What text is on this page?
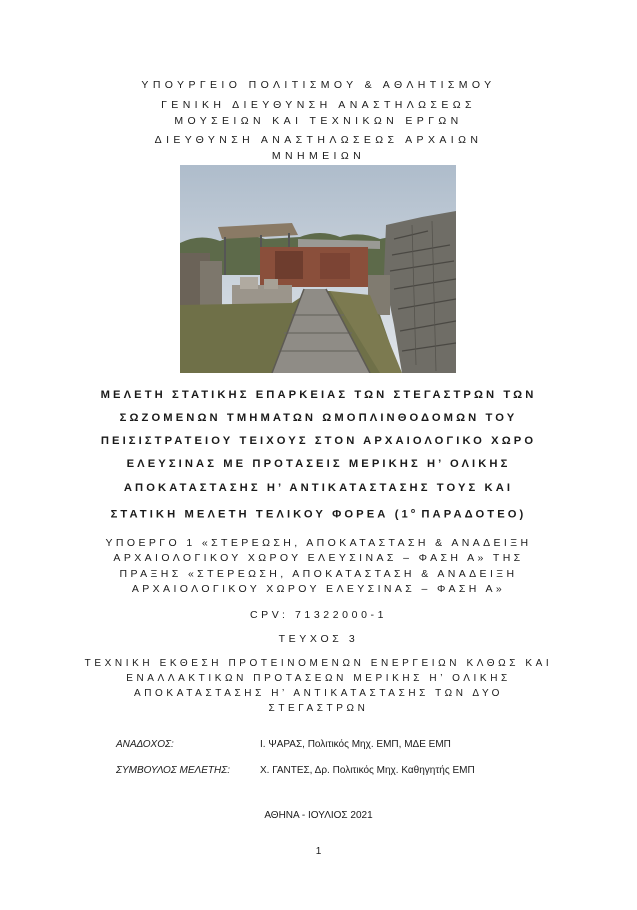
ΥΠΟΥΡΓΕΙΟ ΠΟΛΙΤΙΣΜΟΥ & ΑΘΛΗΤΙΣΜΟΥ
ΓΕΝΙΚΗ ΔΙΕΥΘΥΝΣΗ ΑΝΑΣΤΗΛΩΣΕΩΣ
ΜΟΥΣΕΙΩΝ ΚΑΙ ΤΕΧΝΙΚΩΝ ΕΡΓΩΝ
ΔΙΕΥΘΥΝΣΗ ΑΝΑΣΤΗΛΩΣΕΩΣ ΑΡΧΑΙΩΝ
ΜΝΗΜΕΙΩΝ
ΜΕΛΕΤΗ ΣΤΑΤΙΚΗΣ ΕΠΑΡΚΕΙΑΣ ΤΩΝ ΣΤΕΓΑΣΤΡΩΝ ΤΩΝ
ΣΩΖΟΜΕΝΩΝ ΤΜΗΜΑΤΩΝ ΩΜΟΠΛΙΝΘΟΔΟΜΩΝ ΤΟΥ
ΠΕΙΣΙΣΤΡΑΤΕΙΟΥ ΤΕΙΧΟΥΣ ΣΤΟΝ ΑΡΧΑΙΟΛΟΓΙΚΟ ΧΩΡΟ
ΕΛΕΥΣΙΝΑΣ ΜΕ ΠΡΟΤΑΣΕΙΣ ΜΕΡΙΚΗΣ Η’ ΟΛΙΚΗΣ
ΑΠΟΚΑΤΑΣΤΑΣΗΣ Η’ ΑΝΤΙΚΑΤΑΣΤΑΣΗΣ ΤΟΥΣ ΚΑΙ
ΣΤΑΤΙΚΗ ΜΕΛΕΤΗ ΤΕΛΙΚΟΥ ΦΟΡΕΑ ($1^o$ ΠΑΡΑΔΟΤΕΟ)
ΥΠΟΕΡΓΟ 1 «ΣΤΕΡΕΩΣΗ, ΑΠΟΚΑΤΑΣΤΑΣΗ & ΑΝΑΔΕΙΞΗ
ΑΡΧΑΙΟΛΟΓΙΚΟΥ ΧΩΡΟΥ ΕΛΕΥΣΙΝΑΣ – ΦΑΣΗ Α» ΤΗΣ
ΠΡΑΞΗΣ «ΣΤΕΡΕΩΣΗ, ΑΠΟΚΑΤΑΣΤΑΣΗ & ΑΝΑΔΕΙΞΗ
ΑΡΧΑΙΟΛΟΓΙΚΟΥ ΧΩΡΟΥ ΕΛΕΥΣΙΝΑΣ – ΦΑΣΗ Α»
CPV: 71322000-1
ΤΕΥΧΟΣ 3
ΤΕΧΝΙΚΗ ΕΚΘΕΣΗ ΠΡΟΤΕΙΝΟΜΕΝΩΝ ΕΝΕΡΓΕΙΩΝ ΚΛΘΩΣ ΚΑΙ
ΕΝΑΛΛΑΚΤΙΚΩΝ ΠΡΟΤΑΣΕΩΝ ΜΕΡΙΚΗΣ Η’ ΟΛΙΚΗΣ
ΑΠΟΚΑΤΑΣΤΑΣΗΣ Η’ ΑΝΤΙΚΑΤΑΣΤΑΣΗΣ ΤΩΝ ΔΥΟ
ΣΤΕΓΑΣΤΡΩΝ
ΑΝΑΔΟΧΟΣ:	Ι. ΨΑΡΑΣ, Πολιτικός Μηχ. ΕΜΠ, ΜΔΕ ΕΜΠ
ΣΥΜΒΟΥΛΟΣ ΜΕΛΕΤΗΣ:	Χ. ΓΑΝΤΕΣ, Δρ. Πολιτικός Μηχ. Καθηγητής ΕΜΠ
ΑΘΗΝΑ - ΙΟΥΛΙΟΣ 2021
1
